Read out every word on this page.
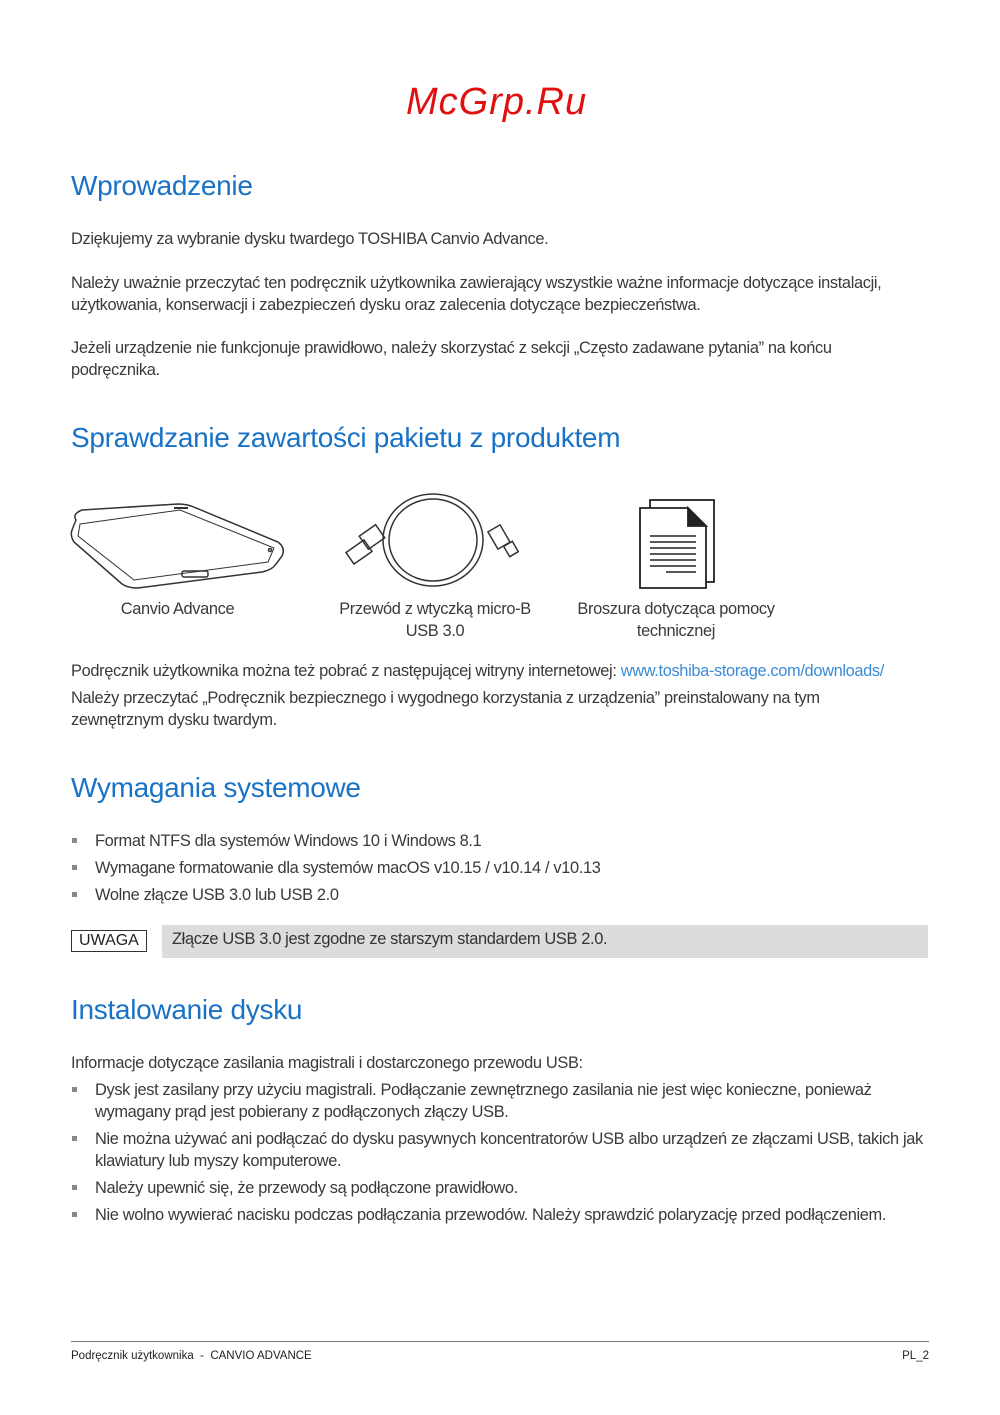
McGrp.Ru
Wprowadzenie

Dziękujemy za wybranie dysku twardego TOSHIBA Canvio Advance.

Należy uważnie przeczytać ten podręcznik użytkownika zawierający wszystkie ważne informacje dotyczące instalacji, użytkowania, konserwacji i zabezpieczeń dysku oraz zalecenia dotyczące bezpieczeństwa.

Jeżeli urządzenie nie funkcjonuje prawidłowo, należy skorzystać z sekcji „Często zadawane pytania” na końcu podręcznika.

Sprawdzanie zawartości pakietu z produktem
Canvio Advance	Przewód z wtyczką micro-B USB 3.0
Broszura dotycząca pomocy technicznej

Podręcznik użytkownika można też pobrać z następującej witryny internetowej: www.toshiba-storage.com/downloads/

Należy przeczytać „Podręcznik bezpiecznego i wygodnego korzystania z urządzenia” preinstalowany na tym zewnętrznym dysku twardym.

Wymagania systemowe
Format NTFS dla systemów Windows 10 i Windows 8.1
Wymagane formatowanie dla systemów macOS v10.15 / v10.14 / v10.13
Wolne złącze USB 3.0 lub USB 2.0
UWAGA	Złącze USB 3.0 jest zgodne ze starszym standardem USB 2.0.
Instalowanie dysku

Informacje dotyczące zasilania magistrali i dostarczonego przewodu USB:

Dysk jest zasilany przy użyciu magistrali. Podłączanie zewnętrznego zasilania nie jest więc konieczne, ponieważ wymagany prąd jest pobierany z podłączonych złączy USB.
Nie można używać ani podłączać do dysku pasywnych koncentratorów USB albo urządzeń ze złączami USB, takich jak klawiatury lub myszy komputerowe.
Należy upewnić się, że przewody są podłączone prawidłowo.
Nie wolno wywierać nacisku podczas podłączania przewodów. Należy sprawdzić polaryzację przed podłączeniem.
Podręcznik użytkownika  -  CANVIO ADVANCE	PL_2
